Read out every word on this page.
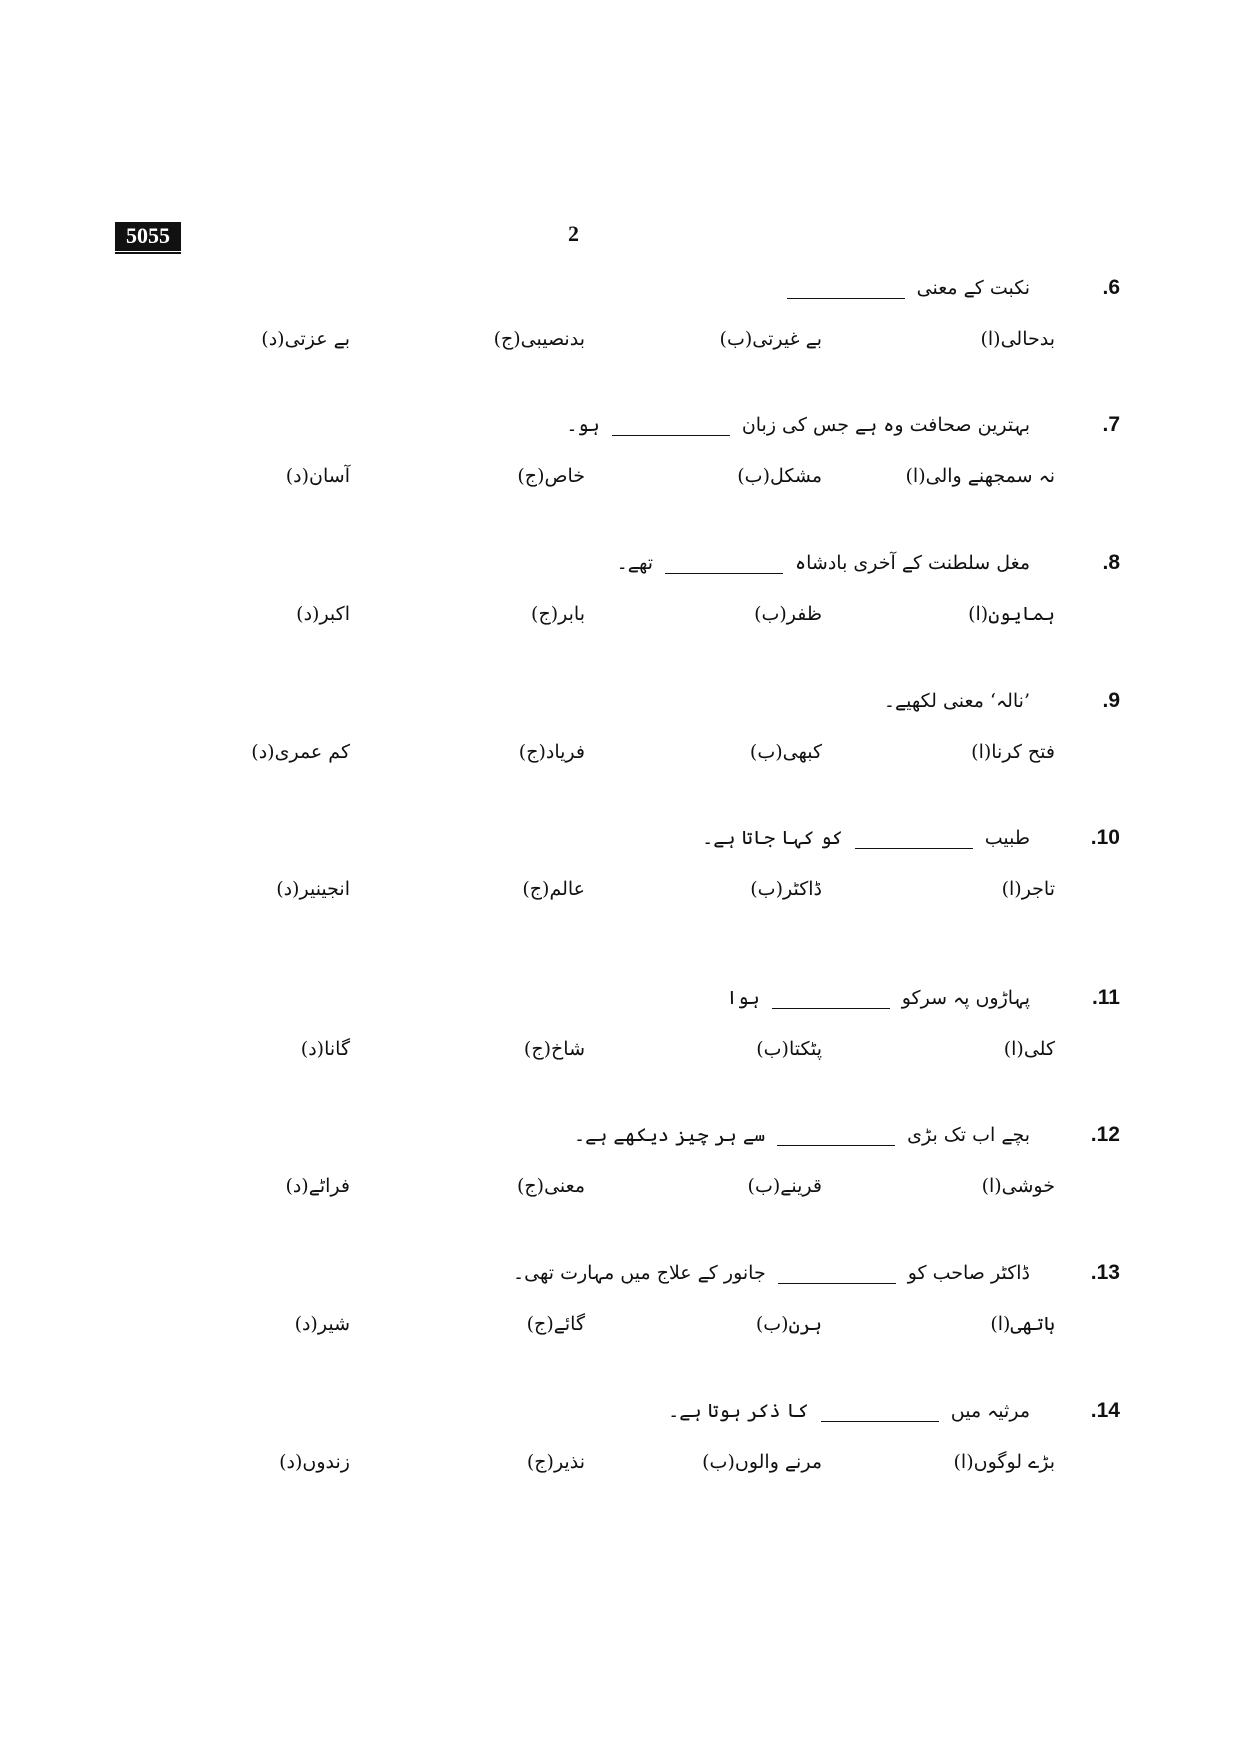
5055	2
.6
نکبت کے معنی
(ا) بدحالی
(ب) بے غیرتی
(ج) بدنصیبی
(د) بے عزتی
.7
بہترین صحافت وہ ہے جس کی زبانہو۔
(ا) نہ سمجھنے والی
(ب) مشکل
(ج) خاص
(د) آسان
.8
مغل سلطنت کے آخری بادشاہتھے۔
(ا) ہمایون
(ب) ظفر
(ج) بابر
(د) اکبر
.9
’نالہ‘ معنی لکھیے۔
(ا) فتح کرنا
(ب) کبھی
(ج) فریاد
(د) کم عمری
.10
طبیبکو کہا جاتا ہے۔
(ا) تاجر
(ب) ڈاکٹر
(ج) عالم
(د) انجینیر
.11
پہاڑوں پہ سرکوہوا
(ا) کلی
(ب) پٹکتا
(ج) شاخ
(د) گانا
.12
بچے اب تک بڑیسے ہر چیز دیکھے ہے۔
(ا) خوشی
(ب) قرینے
(ج) معنی
(د) فراٹے
.13
ڈاکٹر صاحب کوجانور کے علاج میں مہارت تھی۔
(ا) ہاتھی
(ب) ہرن
(ج) گائے
(د) شیر
.14
مرثیہ میںکا ذکر ہوتا ہے۔
(ا) بڑے لوگوں
(ب) مرنے والوں
(ج) نذیر
(د) زندوں
